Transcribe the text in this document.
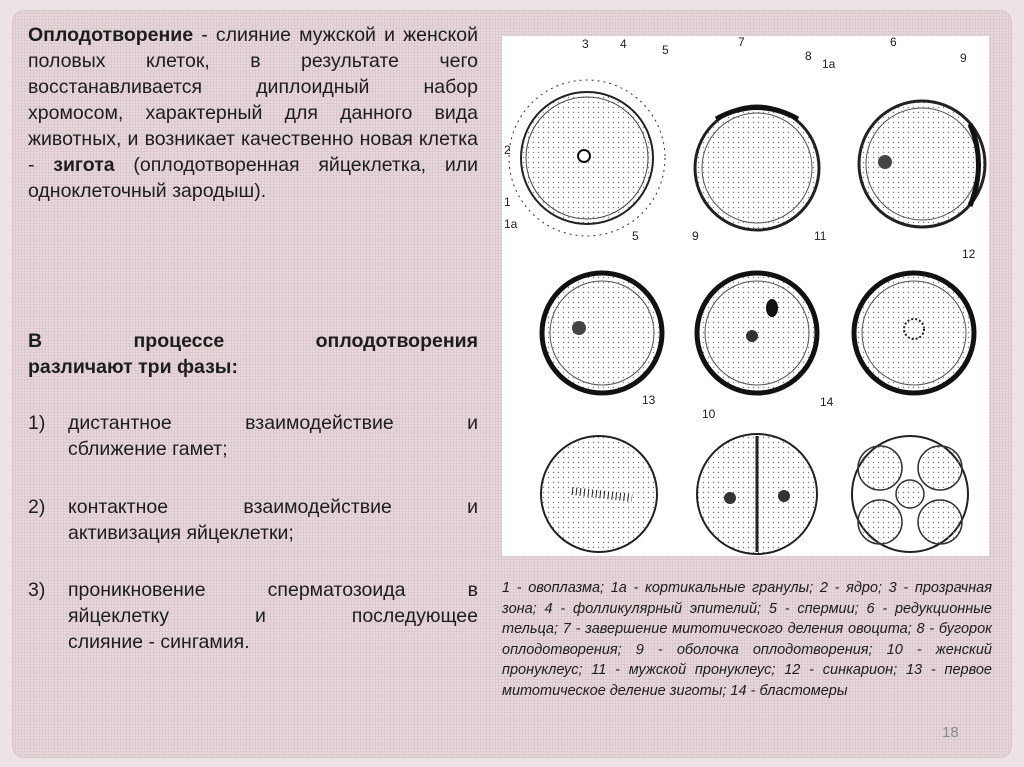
Оплодотворение - слияние мужской и женской половых клеток, в результате чего восстанавливается диплоидный набор хромосом, характерный для данного вида животных, и возникает качественно новая клетка - зигота (оплодотворенная яйцеклетка, или одноклеточный зародыш).

В процессе оплодотворения
различают три фазы:
1) дистантное взаимодействие и
сближение гамет;
2) контактное взаимодействие и
активизация яйцеклетки;
3) проникновение сперматозоида в
яйцеклетку и последующее
слияние - сингамия.
3	4	5
7
8
1a
6
9
2
1
1a
5	9	11
12
13
10
14
1 - овоплазма; 1а - кортикальные гранулы; 2 - ядро; 3 - прозрачная зона; 4 - фолликулярный эпителий; 5 - спермии; 6 - редукционные тельца; 7 - завершение митотического деления овоцита; 8 - бугорок оплодотворения; 9 - оболочка оплодотворения; 10 - женский пронуклеус; 11 - мужской пронуклеус; 12 - синкарион; 13 - первое митотическое деление зиготы; 14 - бластомеры
18
